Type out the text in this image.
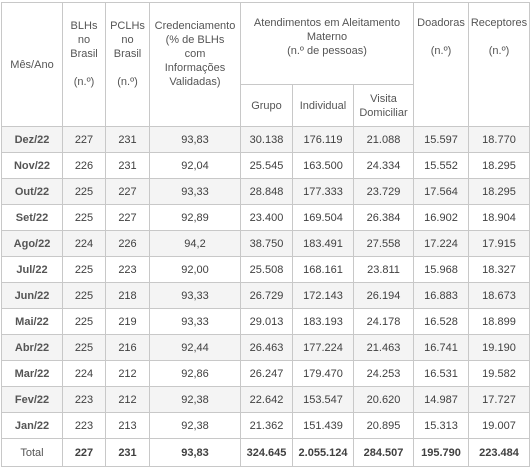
Mês/Ano	BLHs
no
Brasil
(n.º)	PCLHs
no
Brasil
(n.º)	Credenciamento
(% de BLHs
com
Informações
Validadas)	Atendimentos em Aleitamento
Materno
(n.º de pessoas)			Doadoras
(n.º)	Receptores
(n.º)

				Grupo	Individual	Visita
Domiciliar		

Dez/22	227	231	93,83	30.138	176.119	21.088	15.597	18.770
Nov/22	226	231	92,04	25.545	163.500	24.334	15.552	18.295
Out/22	225	227	93,33	28.848	177.333	23.729	17.564	18.295
Set/22	225	227	92,89	23.400	169.504	26.384	16.902	18.904
Ago/22	224	226	94,2	38.750	183.491	27.558	17.224	17.915
Jul/22	225	223	92,00	25.508	168.161	23.811	15.968	18.327
Jun/22	225	218	93,33	26.729	172.143	26.194	16.883	18.673
Mai/22	225	219	93,33	29.013	183.193	24.178	16.528	18.899
Abr/22	225	216	92,44	26.463	177.224	21.463	16.741	19.190
Mar/22	224	212	92,86	26.247	179.470	24.253	16.531	19.582
Fev/22	223	212	92,38	22.642	153.547	20.620	14.987	17.727
Jan/22	223	213	92,38	21.362	151.439	20.895	15.313	19.007
Total	227	231	93,83	324.645	2.055.124	284.507	195.790	223.484
